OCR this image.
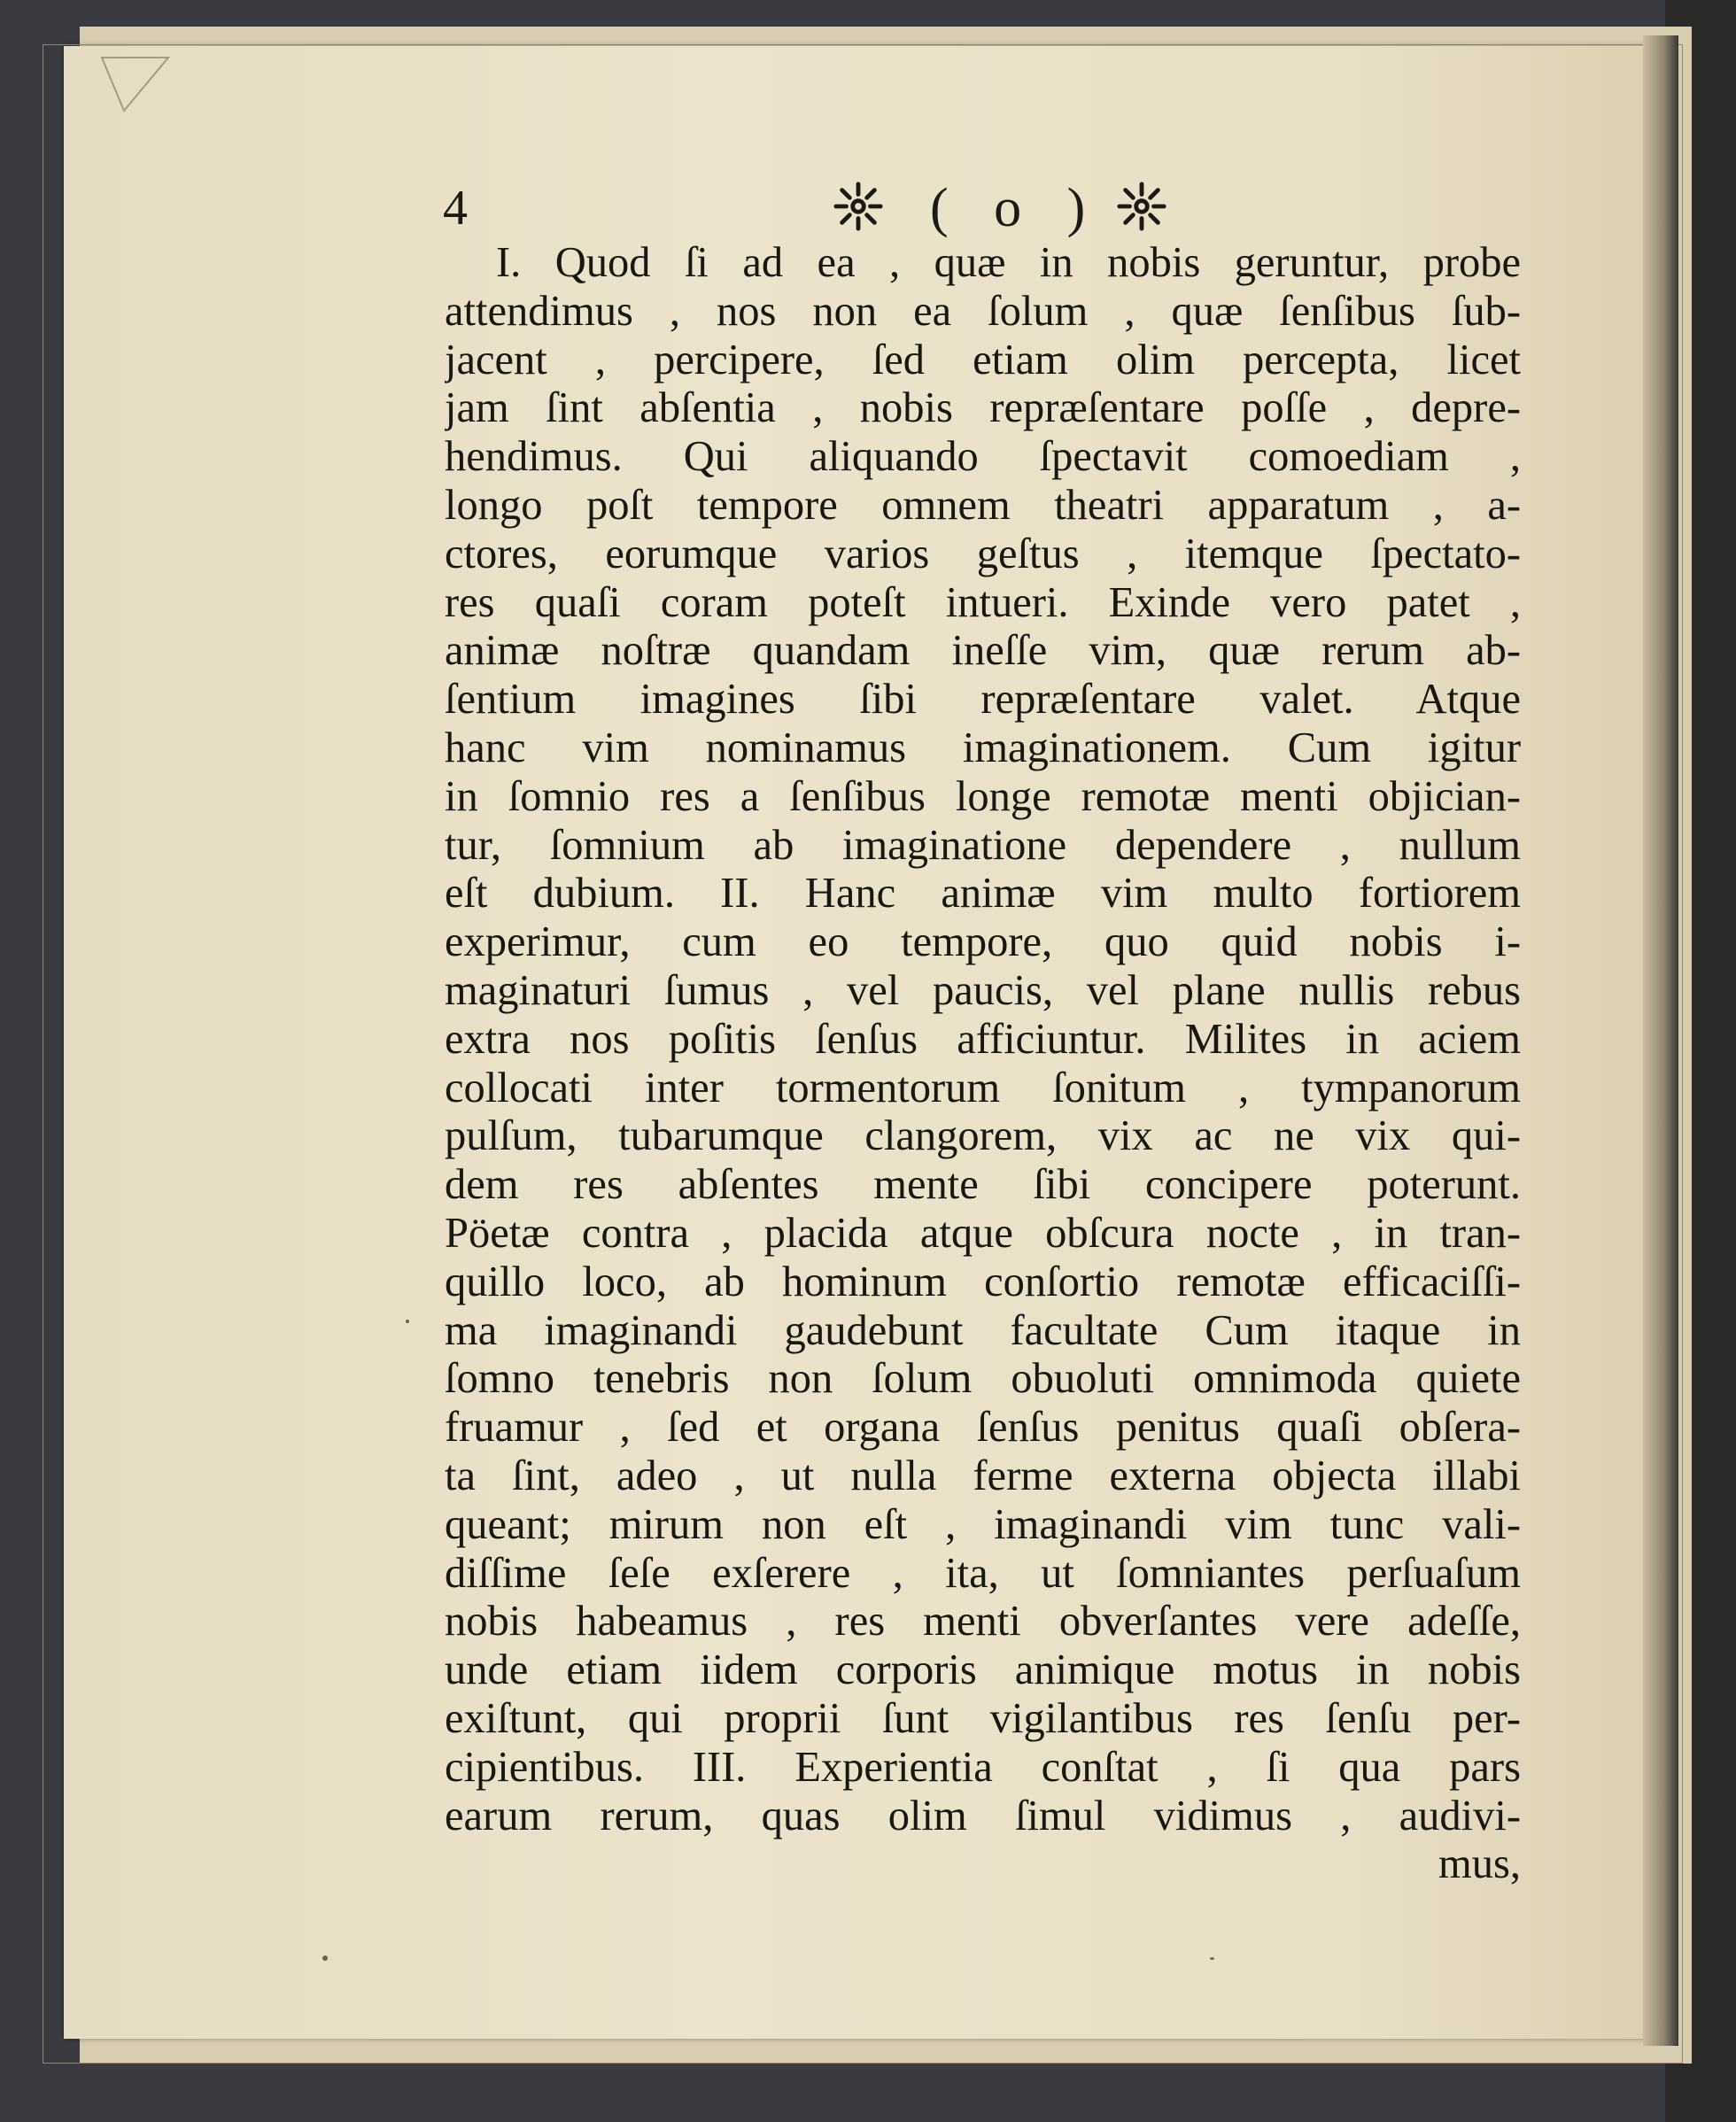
4	( o )
I. Quod ſi ad ea , quæ in nobis geruntur, probe
attendimus , nos non ea ſolum , quæ ſenſibus ſub-
jacent , percipere, ſed etiam olim percepta, licet
jam ſint abſentia , nobis repræſentare poſſe , depre-
hendimus. Qui aliquando ſpectavit comoediam ,
longo poſt tempore omnem theatri apparatum , a-
ctores, eorumque varios geſtus , itemque ſpectato-
res quaſi coram poteſt intueri. Exinde vero patet ,
animæ noſtræ quandam ineſſe vim, quæ rerum ab-
ſentium imagines ſibi repræſentare valet. Atque
hanc vim nominamus imaginationem. Cum igitur
in ſomnio res a ſenſibus longe remotæ menti objician-
tur, ſomnium ab imaginatione dependere , nullum
eſt dubium. II. Hanc animæ vim multo fortiorem
experimur, cum eo tempore, quo quid nobis i-
maginaturi ſumus , vel paucis, vel plane nullis rebus
extra nos poſitis ſenſus afficiuntur. Milites in aciem
collocati inter tormentorum ſonitum , tympanorum
pulſum, tubarumque clangorem, vix ac ne vix qui-
dem res abſentes mente ſibi concipere poterunt.
Pöetæ contra , placida atque obſcura nocte , in tran-
quillo loco, ab hominum conſortio remotæ efficaciſſi-
ma imaginandi gaudebunt facultate Cum itaque in
ſomno tenebris non ſolum obuoluti omnimoda quiete
fruamur , ſed et organa ſenſus penitus quaſi obſera-
ta ſint, adeo , ut nulla ferme externa objecta illabi
queant; mirum non eſt , imaginandi vim tunc vali-
diſſime ſeſe exſerere , ita, ut ſomniantes perſuaſum
nobis habeamus , res menti obverſantes vere adeſſe,
unde etiam iidem corporis animique motus in nobis
exiſtunt, qui proprii ſunt vigilantibus res ſenſu per-
cipientibus. III. Experientia conſtat , ſi qua pars
earum rerum, quas olim ſimul vidimus , audivi-
mus,
